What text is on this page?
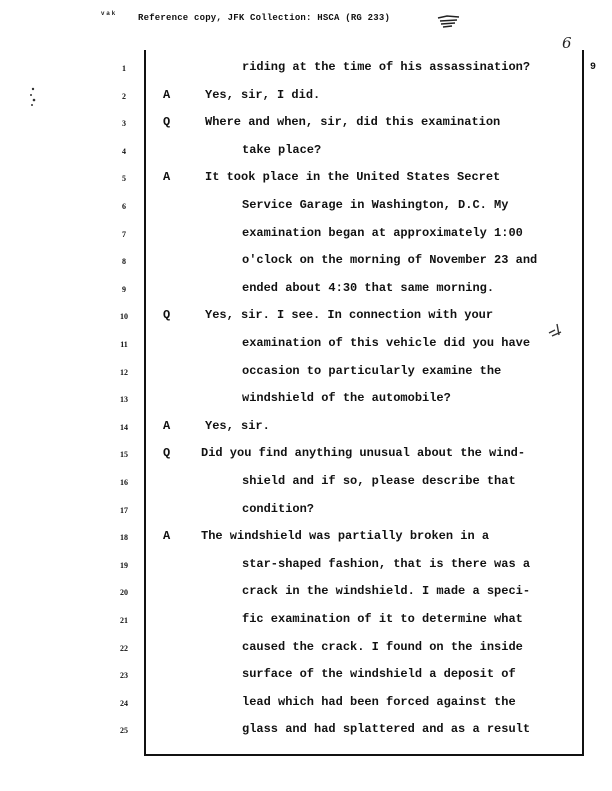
ᵛᵃᵏ Reference copy, JFK Collection: HSCA (RG 233)
6
9
1	riding at the time of his assassination?
2	A	Yes, sir, I did.
3	Q	Where and when, sir, did this examination
4	take place?
5	A	It took place in the United States Secret
6	Service Garage in Washington, D.C. My
7	examination began at approximately 1:00
8	o'clock on the morning of November 23 and
9	ended about 4:30 that same morning.
10	Q	Yes, sir. I see. In connection with your
11	examination of this vehicle did you have
12	occasion to particularly examine the
13	windshield of the automobile?
14	A	Yes, sir.
15	Q	Did you find anything unusual about the wind-
16	shield and if so, please describe that
17	condition?
18	A	The windshield was partially broken in a
19	star-shaped fashion, that is there was a
20	crack in the windshield. I made a speci-
21	fic examination of it to determine what
22	caused the crack. I found on the inside
23	surface of the windshield a deposit of
24	lead which had been forced against the
25	glass and had splattered and as a result
